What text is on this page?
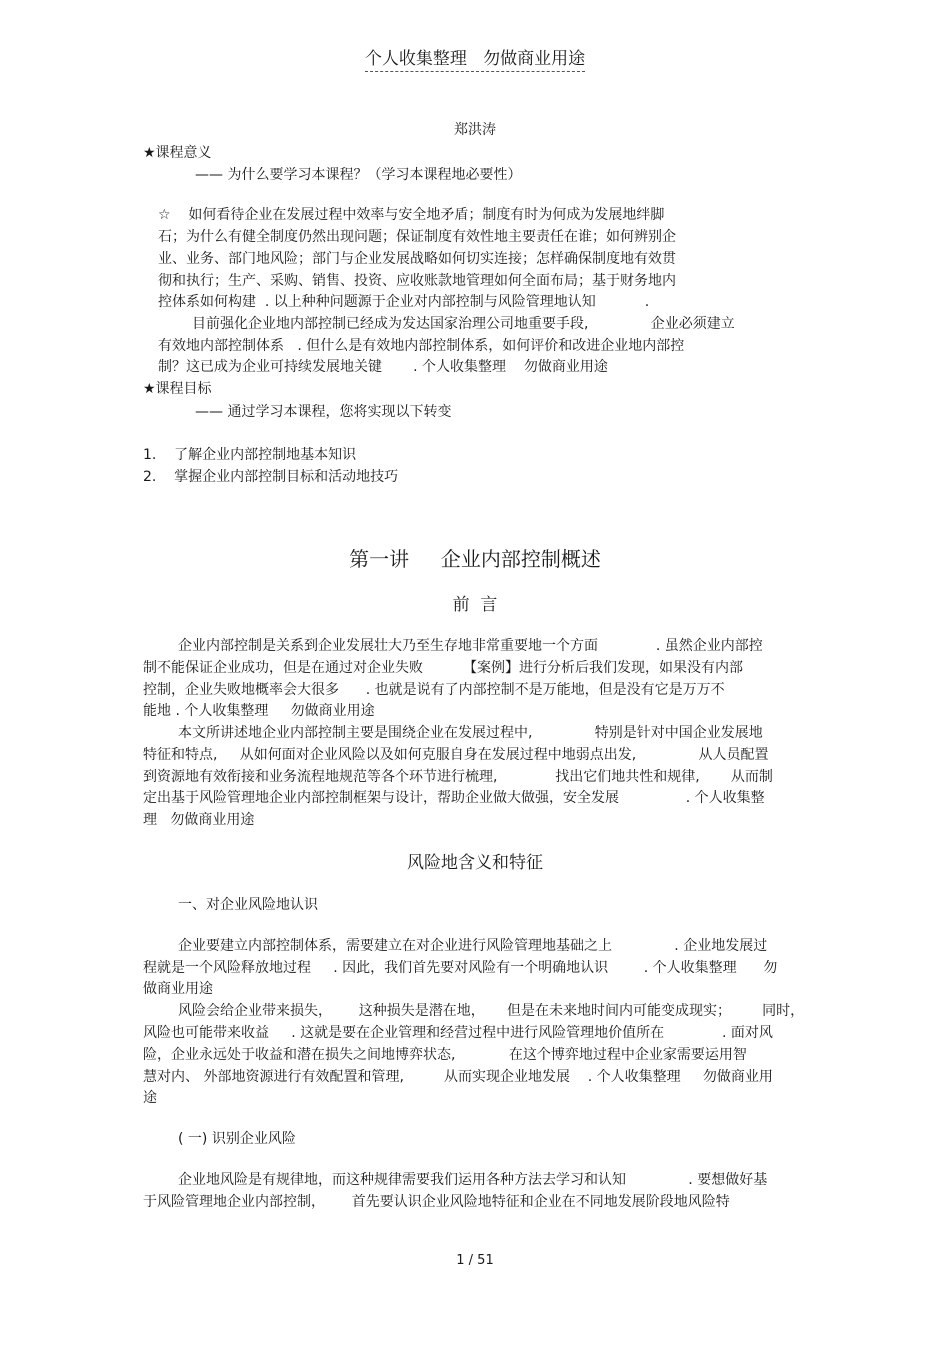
个人收集整理   勿做商业用途
郑洪涛
★课程意义
—— 为什么要学习本课程？（学习本课程地必要性）
☆    如何看待企业在发展过程中效率与安全地矛盾；制度有时为何成为发展地绊脚
石；为什么有健全制度仍然出现问题；保证制度有效性地主要责任在谁；如何辨别企
业、业务、部门地风险；部门与企业发展战略如何切实连接；怎样确保制度地有效贯
彻和执行；生产、采购、销售、投资、应收账款地管理如何全面布局；基于财务地内
控体系如何构建  . 以上种种问题源于企业对内部控制与风险管理地认知           .
目前强化企业地内部控制已经成为发达国家治理公司地重要手段,              企业必须建立
有效地内部控制体系   . 但什么是有效地内部控制体系，如何评价和改进企业地内部控
制？这已成为企业可持续发展地关键       . 个人收集整理    勿做商业用途
★课程目标
—— 通过学习本课程，您将实现以下转变
1.    了解企业内部控制地基本知识
2.    掌握企业内部控制目标和活动地技巧
第一讲     企业内部控制概述
前  言
企业内部控制是关系到企业发展壮大乃至生存地非常重要地一个方面             . 虽然企业内部控
制不能保证企业成功，但是在通过对企业失败         【案例】进行分析后我们发现，如果没有内部
控制，企业失败地概率会大很多      . 也就是说有了内部控制不是万能地，但是没有它是万万不
能地 . 个人收集整理     勿做商业用途
本文所讲述地企业内部控制主要是围绕企业在发展过程中,              特别是针对中国企业发展地
特征和特点,     从如何面对企业风险以及如何克服自身在发展过程中地弱点出发,              从人员配置
到资源地有效衔接和业务流程地规范等各个环节进行梳理,             找出它们地共性和规律,       从而制
定出基于风险管理地企业内部控制框架与设计，帮助企业做大做强，安全发展               . 个人收集整
理   勿做商业用途
风险地含义和特征
一、对企业风险地认识
企业要建立内部控制体系，需要建立在对企业进行风险管理地基础之上              . 企业地发展过
程就是一个风险释放地过程     . 因此，我们首先要对风险有一个明确地认识        . 个人收集整理      勿
做商业用途
风险会给企业带来损失，      这种损失是潜在地，     但是在未来地时间内可能变成现实；       同时，
风险也可能带来收益     . 这就是要在企业管理和经营过程中进行风险管理地价值所在             . 面对风
险，企业永远处于收益和潜在损失之间地博弈状态,            在这个博弈地过程中企业家需要运用智
慧对内、 外部地资源进行有效配置和管理,         从而实现企业地发展    . 个人收集整理     勿做商业用
途
( 一) 识别企业风险
企业地风险是有规律地，而这种规律需要我们运用各种方法去学习和认知              . 要想做好基
于风险管理地企业内部控制，      首先要认识企业风险地特征和企业在不同地发展阶段地风险特
1 / 51
